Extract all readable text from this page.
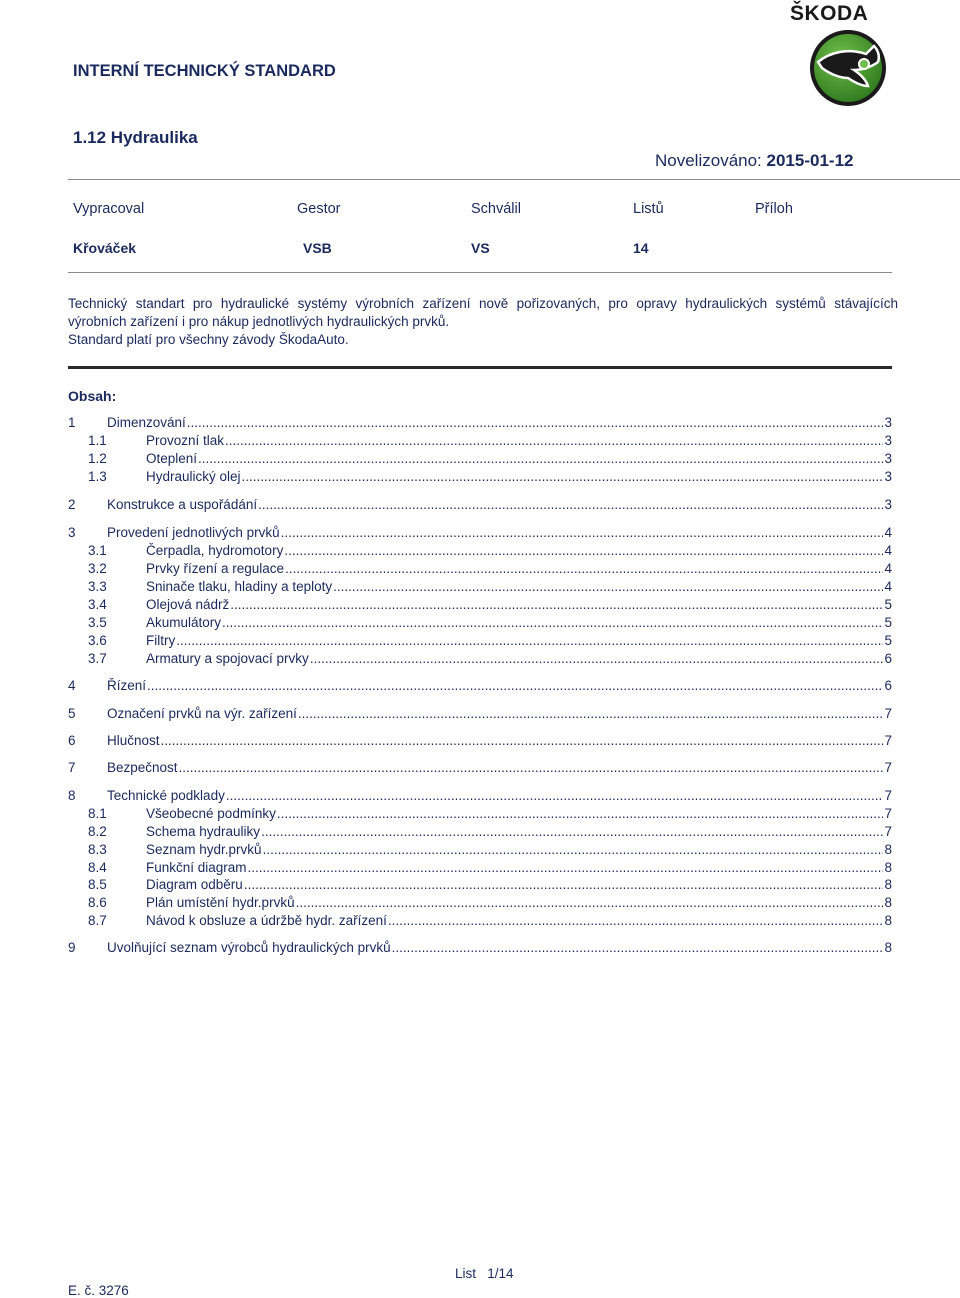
ŠKODA
INTERNÍ TECHNICKÝ STANDARD
1.12 Hydraulika
Novelizováno: 2015-01-12
Vypracoval	Gestor	Schválil	Listů	Příloh
Křováček	VSB	VS	14

Technický standart pro hydraulické systémy výrobních zařízení nově pořizovaných, pro opravy hydraulických systémů stávajících výrobních zařízení i pro nákup jednotlivých hydraulických prvků.

Standard platí pro všechny závody ŠkodaAuto.

Obsah:
1 Dimenzování .....	3
1.1	Provozní tlak .....	3
1.2	Oteplení .....	3
1.3	Hydraulický olej .....	3
2 Konstrukce a uspořádání .....	3
3 Provedení jednotlivých prvků .....	4
3.1	Čerpadla, hydromotory .....	4
3.2	Prvky řízení a regulace .....	4
3.3	Sninače tlaku, hladiny a teploty .....	4
3.4	Olejová nádrž .....	5
3.5	Akumulátory .....	5
3.6	Filtry .....	5
3.7	Armatury a spojovací prvky .....	6
4 Řízení .....	6
5 Označení prvků na výr. zařízení .....	7
6 Hlučnost .....	7
7 Bezpečnost .....	7
8 Technické podklady .....	7
8.1	Všeobecné podmínky .....	7
8.2	Schema hydrauliky .....	7
8.3	Seznam hydr.prvků .....	8
8.4	Funkční diagram .....	8
8.5	Diagram odběru .....	8
8.6	Plán umístění hydr.prvků .....	8
8.7	Návod k obsluze a údržbě hydr. zařízení .....	8
9 Uvolňující seznam výrobců hydraulických prvků .....	8
List 1/14
E. č. 3276
